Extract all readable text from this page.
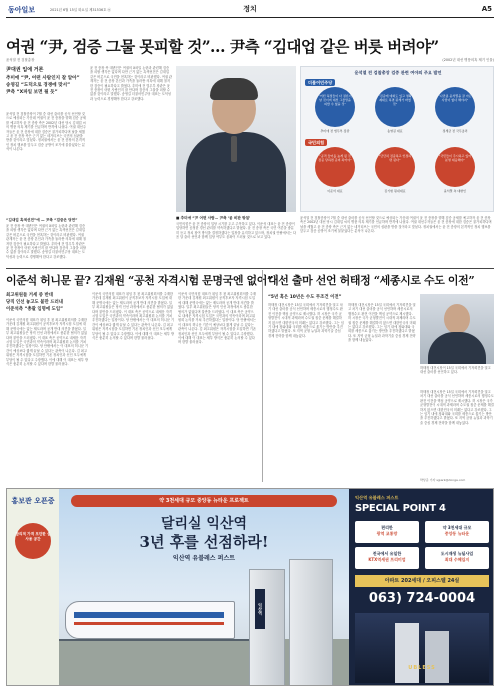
동아일보	2021년 6월 15일 화요일 제31536호 ㉧	정치	A5
여권 “尹, 검증 그물 못피할 것”… 尹측 “김대업 같은 버릇 버려야”
윤석열 전 검찰총장	(2002년 대선 병풍의혹 제기 인물)
尹대권 입에 거론
추미애 “尹, 어떤 사람인지 잘 알아”
송영길 “도덕으로 경쟁에 맞서”
尹측 “X파일 보면 될 듯”
윤석열 전 검찰총장이 7월 중 대선 출마를 공식 선언할 것으로 예상되는 가운데 여권이 윤 전 총장을 향해 검증 공세를 예고하자 윤 전 총장 측은 2002년 대선 당시 김대업 씨의 병풍 의혹 제기를 언급하며 반격에 나섰다. 여권 대선주자들은 윤 전 총장에 대한 검증은 불가피하다며 날을 세웠고 윤 전 총장 측은 근거 없는 네거티브는 국민의 심판을 받을 것이라고 맞섰다. 정치권에서는 윤 전 총장의 본격적인 정치 행보를 앞두고 검증 공방이 조기에 불붙었다는 분석이 나온다.
“김대업 흑색선전”에 — 尹측 “검증은 당연”
윤 전 총장 측 대변인은 여권의 X파일 논란과 관련해 검증을 피할 생각은 없다며 다만 근거 없는 흑색선전은 김대업 같은 버릇으로 국민을 현혹하는 것이라고 비판했다. 여권 관계자는 윤 전 총장 본인과 가족을 둘러싼 의혹에 대해 철저한 검증이 필요하다고 밝혔다. 추미애 전 법무부 장관은 윤 전 총장이 어떤 사람인지 잘 안다며 검증의 그물을 피할 수 없을 것이라고 말했다. 송영길 더불어민주당 대표는 도덕성과 능력으로 경쟁해야 한다고 강조했다.
윤 전 총장 측 대변인은 여권의 X파일 논란과 관련해 검증을 피할 생각은 없다며 다만 근거 없는 흑색선전은 김대업 같은 버릇으로 국민을 현혹하는 것이라고 비판했다. 여권 관계자는 윤 전 총장 본인과 가족을 둘러싼 의혹에 대해 철저한 검증이 필요하다고 밝혔다. 추미애 전 법무부 장관은 윤 전 총장이 어떤 사람인지 잘 안다며 검증의 그물을 피할 수 없을 것이라고 말했다. 송영길 더불어민주당 대표는 도덕성과 능력으로 경쟁해야 한다고 강조했다.
■ 추미애 “尹 어떤 사람… 尹측 ‘곧 비판 방침’
국민의힘은 윤 전 총장의 입당 시기를 두고 주목하고 있다. 이준석 대표는 윤 전 총장이 입당하면 공정한 경선 관리를 약속하겠다고 밝혔다. 윤 전 총장 측은 국민 여론을 충분히 듣고 정치 참여 방식을 결정하겠다는 입장을 유지하고 있으며, 정치권 안팎에서는 다음 달 출마 선언과 함께 입당 여부도 윤곽이 드러날 것으로 보고 있다.
윤석열 전 검찰총장이 7월 중 대선 출마를 공식 선언할 것으로 예상되는 가운데 여권이 윤 전 총장을 향해 검증 공세를 예고하자 윤 전 총장 측은 2002년 대선 당시 김대업 씨의 병풍 의혹 제기를 언급하며 반격에 나섰다. 여권 대선주자들은 윤 전 총장에 대한 검증은 불가피하다며 날을 세웠고 윤 전 총장 측은 근거 없는 네거티브는 국민의 심판을 받을 것이라고 맞섰다. 정치권에서는 윤 전 총장의 본격적인 정치 행보를 앞두고 검증 공방이 조기에 불붙었다는 분석이 나온다.
윤석열 전 검찰총장 검증 관련 여야의 주요 발언
더불어민주당
“어떤 허점들이 다 결론이 날 것이며 대선 그물망을 피할 수 없을 것”
“검증에 예외도 있고 명확 제대로 하면 판세가 바뀔 것”
“나만큼 윤석열을 잘 아는 사람이 없다 해야지”
추미애 전 법무부 장관	송영길 대표	정세균 전 국무총리
국민의힘
“공격 들어올 높게 될 것 검증 당하면 준비 되어야”
“단단히 검증하고 인정하면 된다”
“국민들이 주시하고 있어 분명 대응해야”
이준석 대표	김기현 원내대표	윤석열 측 대변인
이준석 허니문 끝? 김재원 “공천 자격시험 문명국엔 없어”
최고위원들 거세 중 반대
당직 인선 놓고도 불만 드러내
이준석측 “총괄 임명에 도입”
이준석 국민의힘 대표가 취임 후 첫 최고위원회의를 주재한 가운데 김재원 최고위원이 공직후보자 자격시험 도입에 대해 문명국에는 없는 제도라며 공개 반대 의견을 밝혔다. 일부 최고위원들은 당직 인선 과정에서도 충분한 협의가 없었다며 불만을 드러냈다. 이 대표 측은 공약으로 내세운 자격시험 도입은 국민과의 약속이라며 최고위원회 논의를 거쳐 추진하겠다는 입장이다. 당 안팎에서는 이 대표의 허니문 기간이 예상보다 짧게 끝날 수 있다는 관측이 나온다. 김 최고위원은 자격시험을 도입하면 기존 정치인과 신인 모두에게 부담이 될 수 있다고 주장했다. 이에 대해 이 대표는 세부 방식은 충분히 논의할 수 있다며 한발 물러섰다.
이준석 국민의힘 대표가 취임 후 첫 최고위원회의를 주재한 가운데 김재원 최고위원이 공직후보자 자격시험 도입에 대해 문명국에는 없는 제도라며 공개 반대 의견을 밝혔다. 일부 최고위원들은 당직 인선 과정에서도 충분한 협의가 없었다며 불만을 드러냈다. 이 대표 측은 공약으로 내세운 자격시험 도입은 국민과의 약속이라며 최고위원회 논의를 거쳐 추진하겠다는 입장이다. 당 안팎에서는 이 대표의 허니문 기간이 예상보다 짧게 끝날 수 있다는 관측이 나온다. 김 최고위원은 자격시험을 도입하면 기존 정치인과 신인 모두에게 부담이 될 수 있다고 주장했다. 이에 대해 이 대표는 세부 방식은 충분히 논의할 수 있다며 한발 물러섰다.
이준석 국민의힘 대표가 취임 후 첫 최고위원회의를 주재한 가운데 김재원 최고위원이 공직후보자 자격시험 도입에 대해 문명국에는 없는 제도라며 공개 반대 의견을 밝혔다. 일부 최고위원들은 당직 인선 과정에서도 충분한 협의가 없었다며 불만을 드러냈다. 이 대표 측은 공약으로 내세운 자격시험 도입은 국민과의 약속이라며 최고위원회 논의를 거쳐 추진하겠다는 입장이다. 당 안팎에서는 이 대표의 허니문 기간이 예상보다 짧게 끝날 수 있다는 관측이 나온다. 김 최고위원은 자격시험을 도입하면 기존 정치인과 신인 모두에게 부담이 될 수 있다고 주장했다. 이에 대해 이 대표는 세부 방식은 충분히 논의할 수 있다며 한발 물러섰다.
대선 출마 선언 허태정 “세종시로 수도 이전”
“5년 혹은 10년은 수도 무조건 이전”
허태정 대전시장은 15일 국회에서 기자회견을 열고 차기 대선 출마를 공식 선언하며 세종시로의 행정수도 완전 이전을 핵심 공약으로 제시했다. 허 시장은 국가 균형발전이 시대적 과제라며 수도권 집중 문제를 해결하지 않으면 대한민국의 미래는 없다고 강조했다. 그는 임기 내에 청와대와 국회를 세종으로 옮기는 방안을 추진하겠다고 밝혔다. 또 지역 균형 뉴딜과 과학기술 중심 경제 전략을 함께 내놓았다.
허태정 대전시장은 15일 국회에서 기자회견을 열고 차기 대선 출마를 공식 선언하며 세종시로의 행정수도 완전 이전을 핵심 공약으로 제시했다. 허 시장은 국가 균형발전이 시대적 과제라며 수도권 집중 문제를 해결하지 않으면 대한민국의 미래는 없다고 강조했다. 그는 임기 내에 청와대와 국회를 세종으로 옮기는 방안을 추진하겠다고 밝혔다. 또 지역 균형 뉴딜과 과학기술 중심 경제 전략을 함께 내놓았다.
허태정 대전시장이 15일 국회에서 기자회견을 열고 대선 출마를 선언하고 있다.
허태정 대전시장은 15일 국회에서 기자회견을 열고 차기 대선 출마를 공식 선언하며 세종시로의 행정수도 완전 이전을 핵심 공약으로 제시했다. 허 시장은 국가 균형발전이 시대적 과제라며 수도권 집중 문제를 해결하지 않으면 대한민국의 미래는 없다고 강조했다. 그는 임기 내에 청와대와 국회를 세종으로 옮기는 방안을 추진하겠다고 밝혔다. 또 지역 균형 뉴딜과 과학기술 중심 경제 전략을 함께 내놓았다.
박상준 기자 sjpark@donga.com
홍보관 오픈중
합리적 가격 모던한 실사용 공간
약 3천세대 규모 중앙동 뉴타운 프로젝트
달리실 익산역
3년 후를 선점하라!
익산역 유블레스 퍼스트
익산역
익산역 유블레스 퍼스트
SPECIAL POINT 4
편리한
광역 교통망
약 3천세대 규모
중앙동 뉴타운
전국에서 유일한
KTX역세권 프리미엄
도시재생 뉴딜사업
최대 수혜입지
아파트 202세대 / 오피스텔 24실
063) 724-0004
UBLESS
